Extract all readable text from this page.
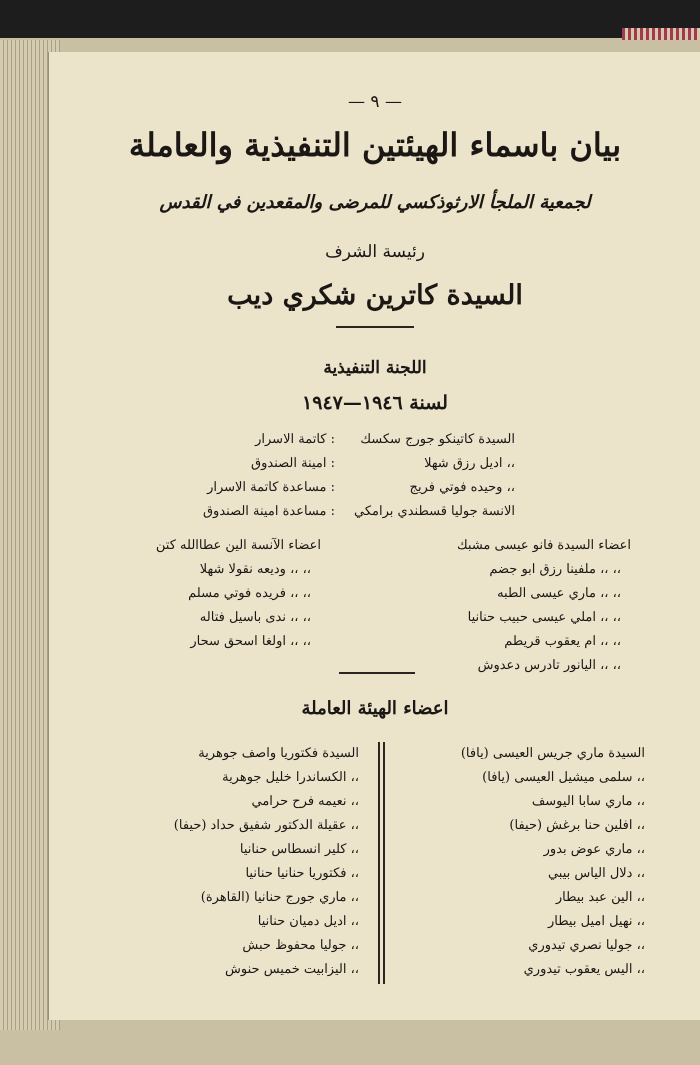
— ٩ —
بيان باسماء الهيئتين التنفيذية والعاملة
لجمعية الملجأ الارثوذكسي للمرضى والمقعدين في القدس
رئيسة الشرف
السيدة كاترين شكري ديب
اللجنة التنفيذية
لسنة ١٩٤٦—١٩٤٧
السيدة كاتينكو جورج سكسك
: كاتمة الاسرار
،، اديل رزق شهلا
: امينة الصندوق
،، وحيده فوتي فريج
: مساعدة كاتمة الاسرار
الانسة جوليا قسطندي برامكي
: مساعدة امينة الصندوق
اعضاء السيدة فانو عيسى مشبك
،، ،، ملفينا رزق ابو جضم
،، ،، ماري عيسى الطبه
،، ،، املي عيسى حبيب حنانيا
،، ،، ام يعقوب قريطم
،، ،، اليانور تادرس دعدوش
اعضاء الآنسة الين عطاالله كتن
،، ،، وديعه نقولا شهلا
،، ،، فريده فوتي مسلم
،، ،، ندى باسيل فتاله
،، ،، اولغا اسحق سحار
اعضاء الهيئة العاملة
السيدة ماري جريس العيسى (يافا)
،، سلمى ميشيل العيسى (يافا)
،، ماري سابا اليوسف
،، افلين حنا برغش (حيفا)
،، ماري عوض بدور
،، دلال الياس بيبي
،، الين عبد بيطار
،، نهيل اميل بيطار
،، جوليا نصري تيدوري
،، اليس يعقوب تيدوري
السيدة فكتوريا واصف جوهرية
،، الكساندرا خليل جوهرية
،، نعيمه فرح حرامي
،، عقيلة الدكتور شفيق حداد (حيفا)
،، كلير انسطاس حنانيا
،، فكتوريا حنانيا حنانيا
،، ماري جورج حنانيا (القاهرة)
،، اديل دميان حنانيا
،، جوليا محفوظ حبش
،، اليزابيت خميس حنوش
